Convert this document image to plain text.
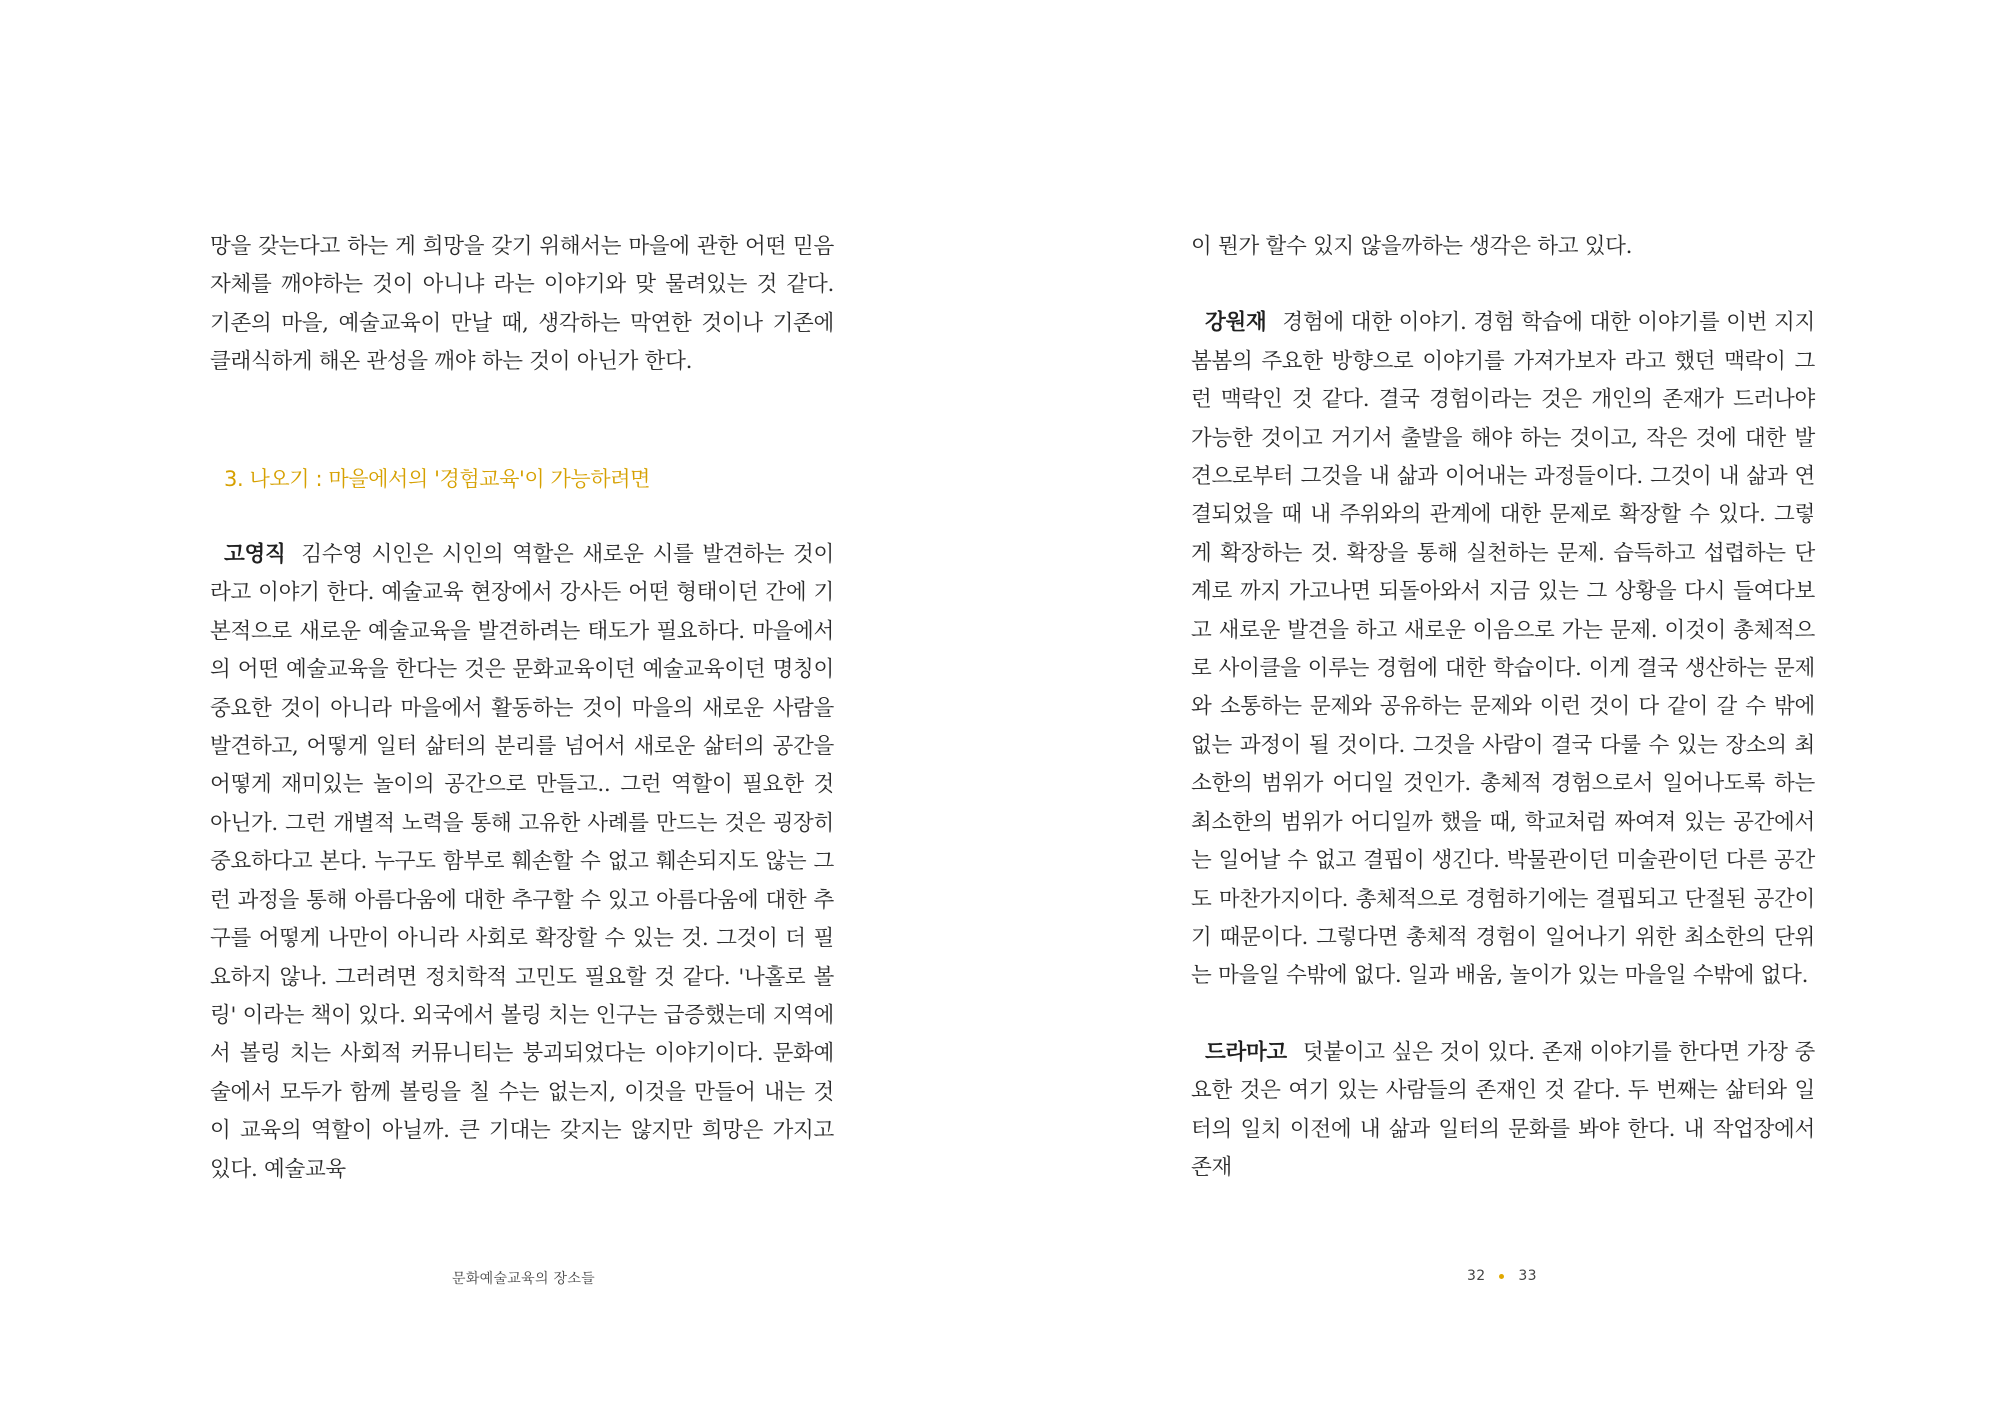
망을 갖는다고 하는 게 희망을 갖기 위해서는 마을에 관한 어떤 믿음 자체를 깨야하는 것이 아니냐 라는 이야기와 맞 물려있는 것 같다. 기존의 마을, 예술교육이 만날 때, 생각하는 막연한 것이나 기존에 클래식하게 해온 관성을 깨야 하는 것이 아닌가 한다.

3. 나오기 : 마을에서의 '경험교육'이 가능하려면

고영직 김수영 시인은 시인의 역할은 새로운 시를 발견하는 것이라고 이야기 한다. 예술교육 현장에서 강사든 어떤 형태이던 간에 기본적으로 새로운 예술교육을 발견하려는 태도가 필요하다. 마을에서의 어떤 예술교육을 한다는 것은 문화교육이던 예술교육이던 명칭이 중요한 것이 아니라 마을에서 활동하는 것이 마을의 새로운 사람을 발견하고, 어떻게 일터 삶터의 분리를 넘어서 새로운 삶터의 공간을 어떻게 재미있는 놀이의 공간으로 만들고.. 그런 역할이 필요한 것 아닌가. 그런 개별적 노력을 통해 고유한 사례를 만드는 것은 굉장히 중요하다고 본다. 누구도 함부로 훼손할 수 없고 훼손되지도 않는 그런 과정을 통해 아름다움에 대한 추구할 수 있고 아름다움에 대한 추구를 어떻게 나만이 아니라 사회로 확장할 수 있는 것. 그것이 더 필요하지 않나. 그러려면 정치학적 고민도 필요할 것 같다. '나홀로 볼링' 이라는 책이 있다. 외국에서 볼링 치는 인구는 급증했는데 지역에서 볼링 치는 사회적 커뮤니티는 붕괴되었다는 이야기이다. 문화예술에서 모두가 함께 볼링을 칠 수는 없는지, 이것을 만들어 내는 것이 교육의 역할이 아닐까. 큰 기대는 갖지는 않지만 희망은 가지고 있다. 예술교육

문화예술교육의 장소들

이 뭔가 할수 있지 않을까하는 생각은 하고 있다.

강원재 경험에 대한 이야기. 경험 학습에 대한 이야기를 이번 지지봄봄의 주요한 방향으로 이야기를 가져가보자 라고 했던 맥락이 그런 맥락인 것 같다. 결국 경험이라는 것은 개인의 존재가 드러나야 가능한 것이고 거기서 출발을 해야 하는 것이고, 작은 것에 대한 발견으로부터 그것을 내 삶과 이어내는 과정들이다. 그것이 내 삶과 연결되었을 때 내 주위와의 관계에 대한 문제로 확장할 수 있다. 그렇게 확장하는 것. 확장을 통해 실천하는 문제. 습득하고 섭렵하는 단계로 까지 가고나면 되돌아와서 지금 있는 그 상황을 다시 들여다보고 새로운 발견을 하고 새로운 이음으로 가는 문제. 이것이 총체적으로 사이클을 이루는 경험에 대한 학습이다. 이게 결국 생산하는 문제와 소통하는 문제와 공유하는 문제와 이런 것이 다 같이 갈 수 밖에 없는 과정이 될 것이다. 그것을 사람이 결국 다룰 수 있는 장소의 최소한의 범위가 어디일 것인가. 총체적 경험으로서 일어나도록 하는 최소한의 범위가 어디일까 했을 때, 학교처럼 짜여져 있는 공간에서는 일어날 수 없고 결핍이 생긴다. 박물관이던 미술관이던 다른 공간도 마찬가지이다. 총체적으로 경험하기에는 결핍되고 단절된 공간이기 때문이다. 그렇다면 총체적 경험이 일어나기 위한 최소한의 단위는 마을일 수밖에 없다. 일과 배움, 놀이가 있는 마을일 수밖에 없다.

드라마고 덧붙이고 싶은 것이 있다. 존재 이야기를 한다면 가장 중요한 것은 여기 있는 사람들의 존재인 것 같다. 두 번째는 삶터와 일터의 일치 이전에 내 삶과 일터의 문화를 봐야 한다. 내 작업장에서 존재

32 33
